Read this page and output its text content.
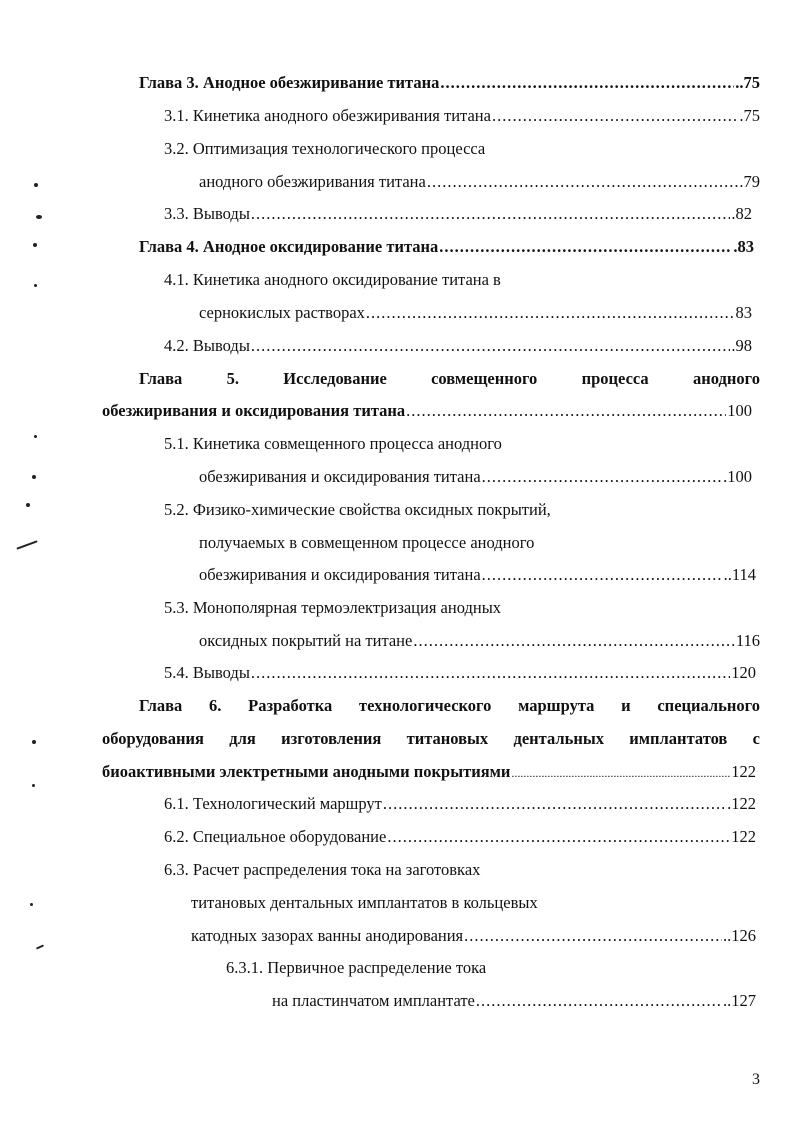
Глава 3. Анодное обезжиривание титана .....	..75
3.1. Кинетика анодного обезжиривания титана .....	.75
3.2. Оптимизация технологического процесса
анодного обезжиривания титана .....	.79
3.3. Выводы .....	.82
Глава 4. Анодное оксидирование титана .....	.83
4.1. Кинетика анодного оксидирование титана в
сернокислых растворах .....	83
4.2. Выводы .....	.98
Глава	5.	Исследование	совмещенного	процесса	анодного
обезжиривания и оксидирования титана .....	100
5.1. Кинетика совмещенного процесса анодного
обезжиривания и оксидирования титана .....	.100
5.2. Физико-химические свойства оксидных покрытий,
получаемых в совмещенном процессе анодного
обезжиривания и оксидирования титана .....	..114
5.3. Монополярная термоэлектризация анодных
оксидных покрытий на титане .....	116
5.4. Выводы .....	120
Глава 6. Разработка технологического маршрута и специального
оборудования для изготовления титановых дентальных имплантатов с
биоактивными электретными анодными покрытиями .....	122
6.1. Технологический маршрут .....	.122
6.2. Специальное оборудование .....	122
6.3. Расчет распределения тока на заготовках
титановых дентальных имплантатов в кольцевых
катодных зазорах ванны анодирования .....	..126
6.3.1. Первичное распределение тока
на пластинчатом имплантате .....	..127
3
